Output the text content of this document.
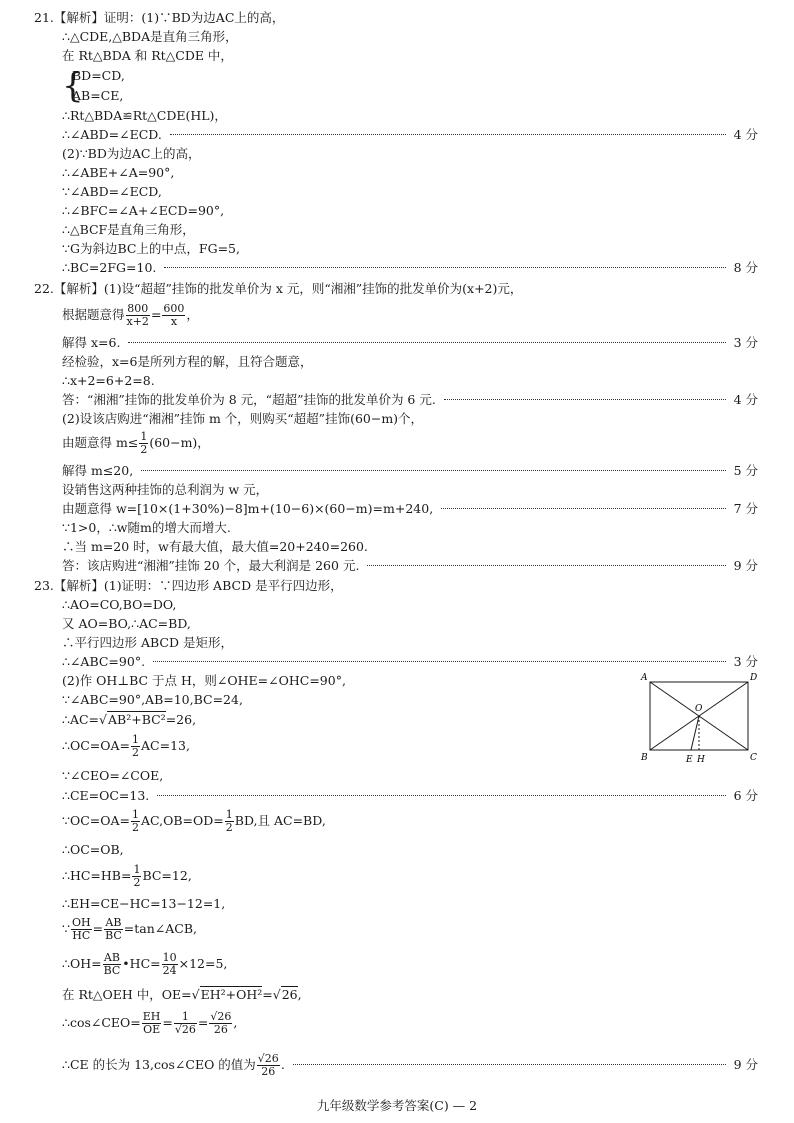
21.【解析】证明：(1)∵BD为边AC上的高，
∴△CDE,△BDA是直角三角形，
在 Rt△BDA 和 Rt△CDE 中，
{
BD=CD,
AB=CE,
∴Rt△BDA≌Rt△CDE(HL)，
∴∠ABD=∠ECD.	4 分
(2)∵BD为边AC上的高，
∴∠ABE+∠A=90°,
∵∠ABD=∠ECD,
∴∠BFC=∠A+∠ECD=90°,
∴△BCF是直角三角形，
∵G为斜边BC上的中点，FG=5,
∴BC=2FG=10.	8 分
22.【解析】(1)设“超超”挂饰的批发单价为 x 元，则“湘湘”挂饰的批发单价为(x+2)元，
根据题意得 $\frac{800}{x+2} = \frac{600}{x}$ ，
解得 x=6.	3 分
经检验，x=6是所列方程的解，且符合题意，
∴x+2=6+2=8.
答：“湘湘”挂饰的批发单价为 8 元，“超超”挂饰的批发单价为 6 元.	4 分
(2)设该店购进“湘湘”挂饰 m 个，则购买“超超”挂饰(60−m)个，
由题意得 $m\le \frac{1}{2} (60-m)$，
解得 m≤20,	5 分
设销售这两种挂饰的总利润为 w 元，
由题意得 w=[10×(1+30%)−8]m+(10−6)×(60−m)=m+240,	7 分
∵1>0，∴w随m的增大而增大.
∴当 m=20 时，w有最大值，最大值=20+240=260.
答：该店购进“湘湘”挂饰 20 个，最大利润是 260 元.	9 分
23.【解析】(1)证明：∵四边形 ABCD 是平行四边形，
∴AO=CO,BO=DO,
又 AO=BO,∴AC=BD,
∴平行四边形 ABCD 是矩形，
∴∠ABC=90°.	3 分
(2)作 OH⊥BC 于点 H，则∠OHE=∠OHC=90°,
∵∠ABC=90°,AB=10,BC=24,
∴AC=√AB²+BC²=26,
∴OC=OA= $\frac{1}{2} AC=13$,
∵∠CEO=∠COE,
∴CE=OC=13.	6 分
∵OC=OA= $\frac{1}{2} AC,OB=OD= \frac{1}{2}$ BD,且 AC=BD,
∴OC=OB,
∴HC=HB= $\frac{1}{2} BC=12$,
∴EH=CE−HC=13−12=1,
∵ $\frac{OH}{HC} = \frac{AB}{BC}$ =tan∠ACB,
∴OH= $\frac{AB}{BC}$ •HC= $\frac{10}{24} \times 12=5$,
在 Rt△OEH 中，OE=√EH²+OH²=√26,
∴cos∠CEO= $\frac{EH}{OE} = \frac{1}{√26} = \frac{√26}{26}$ ,
∴CE 的长为 13,cos∠CEO 的值为 $\frac{√26}{26}$ .	9 分
A	D
O
B	E H	C
九年级数学参考答案(C) — 2
